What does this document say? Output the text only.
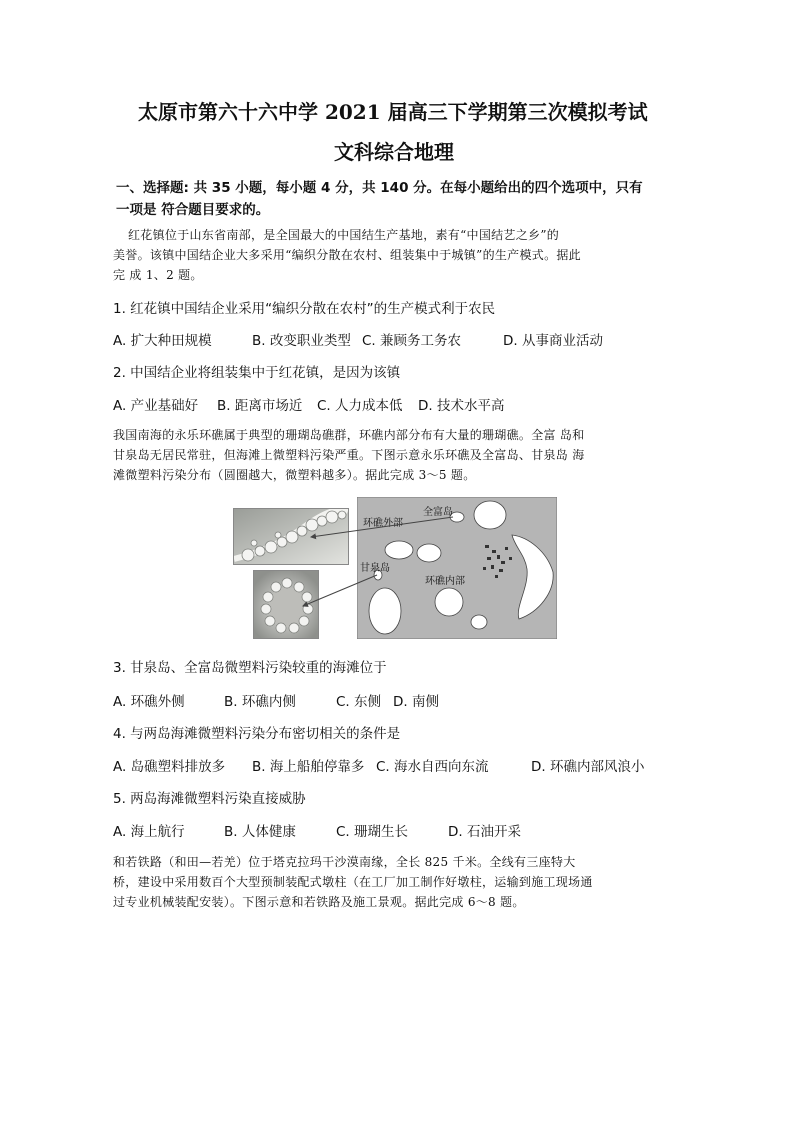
太原市第六十六中学 2021 届高三下学期第三次模拟考试
文科综合地理
一、选择题: 共 35 小题，每小题 4 分，共 140 分。在每小题给出的四个选项中，只有
一项是 符合题目要求的。
红花镇位于山东省南部，是全国最大的中国结生产基地，素有“中国结艺之乡”的
美誉。该镇中国结企业大多采用“编织分散在农村、组装集中于城镇”的生产模式。据此
完 成 1、2 题。
1. 红花镇中国结企业采用“编织分散在农村”的生产模式利于农民
A. 扩大种田规模	B. 改变职业类型 C. 兼顾务工务农	D. 从事商业活动
2. 中国结企业将组装集中于红花镇，是因为该镇
A. 产业基础好 B. 距离市场近 C. 人力成本低 D. 技术水平高
我国南海的永乐环礁属于典型的珊瑚岛礁群，环礁内部分布有大量的珊瑚礁。全富 岛和
甘泉岛无居民常驻，但海滩上微塑料污染严重。下图示意永乐环礁及全富岛、甘泉岛 海
滩微塑料污染分布（圆圈越大，微塑料越多）。据此完成 3～5 题。
环礁外部
全富岛
甘泉岛
环礁内部
3. 甘泉岛、全富岛微塑料污染较重的海滩位于
A. 环礁外侧	B. 环礁内侧	C. 东侧 D. 南侧
4. 与两岛海滩微塑料污染分布密切相关的条件是
A. 岛礁塑料排放多 B. 海上船舶停靠多 C. 海水自西向东流	D. 环礁内部风浪小
5. 两岛海滩微塑料污染直接威胁
A. 海上航行	B. 人体健康	C. 珊瑚生长	D. 石油开采
和若铁路（和田—若羌）位于塔克拉玛干沙漠南缘，全长 825 千米。全线有三座特大
桥，建设中采用数百个大型预制装配式墩柱（在工厂加工制作好墩柱，运输到施工现场通
过专业机械装配安装）。下图示意和若铁路及施工景观。据此完成 6～8 题。
